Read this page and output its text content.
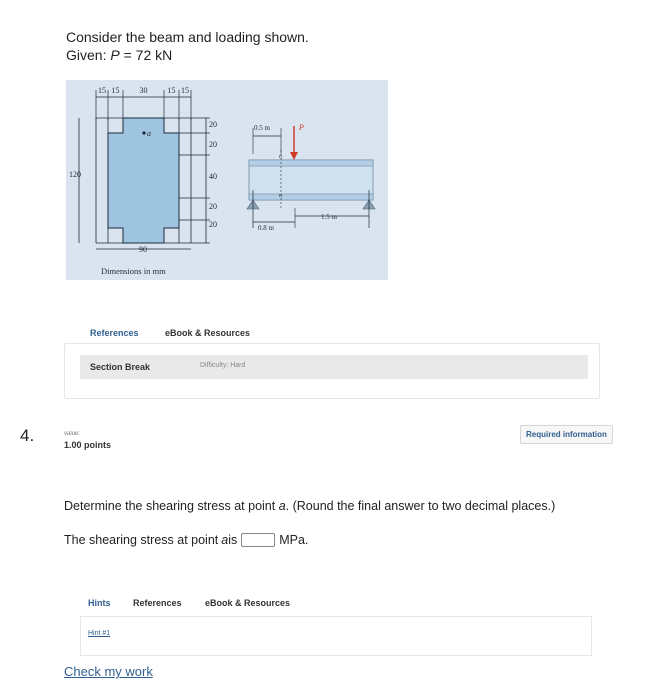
Consider the beam and loading shown.
Given: P = 72 kN
15 15	30	15 15
20
20
40
20
20
120
90
a
Dimensions in mm
n
n
0.5 m	P
0.8 m
1.5 m
References	eBook & Resources
Section Break	Difficulty: Hard
4.	value:
1.00 points
Required information
Determine the shearing stress at point a. (Round the final answer to two decimal places.)
The shearing stress at point a is	MPa.
Hints	References	eBook & Resources
Hint #1
Check my work
